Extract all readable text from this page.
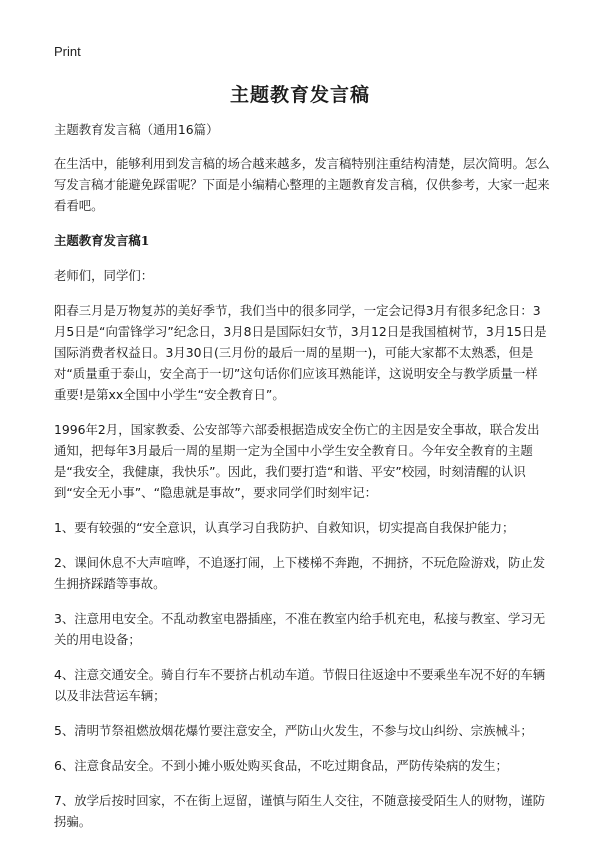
Print
主题教育发言稿

主题教育发言稿（通用16篇）

在生活中，能够利用到发言稿的场合越来越多，发言稿特别注重结构清楚，层次简明。怎么写发言稿才能避免踩雷呢？下面是小编精心整理的主题教育发言稿，仅供参考，大家一起来看看吧。

主题教育发言稿1

老师们，同学们：

阳春三月是万物复苏的美好季节，我们当中的很多同学，一定会记得3月有很多纪念日：3月5日是“向雷锋学习”纪念日，3月8日是国际妇女节，3月12日是我国植树节，3月15日是国际消费者权益日。3月30日(三月份的最后一周的星期一)，可能大家都不太熟悉，但是对“质量重于泰山，安全高于一切”这句话你们应该耳熟能详，这说明安全与教学质量一样重要!是第xx全国中小学生“安全教育日”。

1996年2月，国家教委、公安部等六部委根据造成安全伤亡的主因是安全事故，联合发出通知，把每年3月最后一周的星期一定为全国中小学生安全教育日。今年安全教育的主题是“我安全，我健康，我快乐”。因此，我们要打造“和谐、平安”校园，时刻清醒的认识到“安全无小事”、“隐患就是事故”，要求同学们时刻牢记：

1、要有较强的“安全意识，认真学习自我防护、自救知识，切实提高自我保护能力；

2、课间休息不大声喧哗，不追逐打闹，上下楼梯不奔跑，不拥挤，不玩危险游戏，防止发生拥挤踩踏等事故。

3、注意用电安全。不乱动教室电器插座，不准在教室内给手机充电，私接与教室、学习无关的用电设备；

4、注意交通安全。骑自行车不要挤占机动车道。节假日往返途中不要乘坐车况不好的车辆以及非法营运车辆；

5、清明节祭祖燃放烟花爆竹要注意安全，严防山火发生，不参与坟山纠纷、宗族械斗；

6、注意食品安全。不到小摊小贩处购买食品，不吃过期食品，严防传染病的发生；

7、放学后按时回家，不在街上逗留，谨慎与陌生人交往，不随意接受陌生人的财物，谨防拐骗。
